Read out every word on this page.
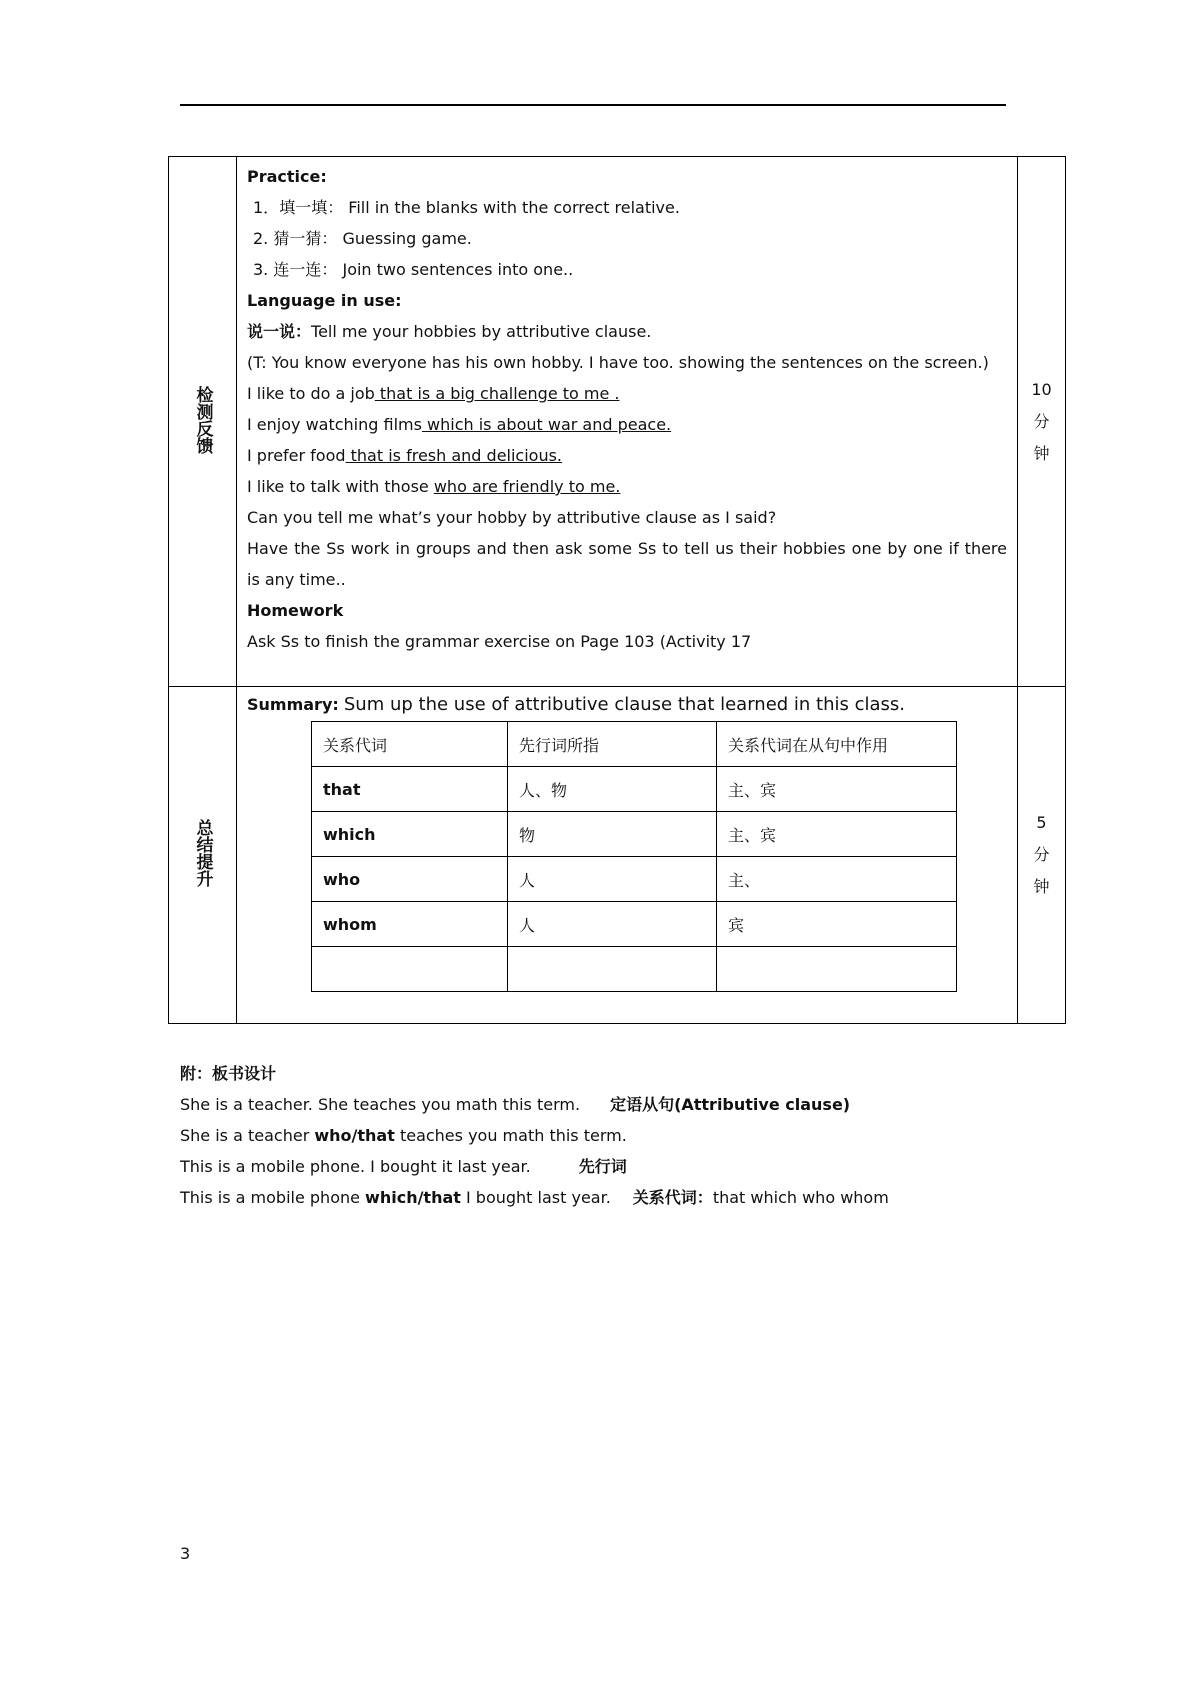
检测反馈	
Practice:
1．填一填： Fill in the blanks with the correct relative.
2. 猜一猜： Guessing game.
3. 连一连： Join two sentences into one..
Language in use:
说一说：Tell me your hobbies by attributive clause.
(T: You know everyone has his own hobby. I have too. showing the sentences on the screen.)
I like to do a job that is a big challenge to me .
I enjoy watching films which is about war and peace.
I prefer food that is fresh and delicious.
I like to talk with those who are friendly to me.
Can you tell me what’s your hobby by attributive clause as I said?
Have the Ss work in groups and then ask some Ss to tell us their hobbies one by one if there is any time..
Homework
Ask Ss to finish the grammar exercise on Page 103 (Activity 17

10
分
钟

总结提升	
Summary: Sum up the use of attributive clause that learned in this class.
关系代词	先行词所指	关系代词在从句中作用
that	人、物	主、宾
which	物	主、宾
who	人	主、
whom	人	宾

5
分
钟
附：板书设计
She is a teacher. She teaches you math this term. 定语从句(Attributive clause)
She is a teacher who/that teaches you math this term.
This is a mobile phone. I bought it last year.	先行词
This is a mobile phone which/that I bought last year. 关系代词：that which who whom
3
